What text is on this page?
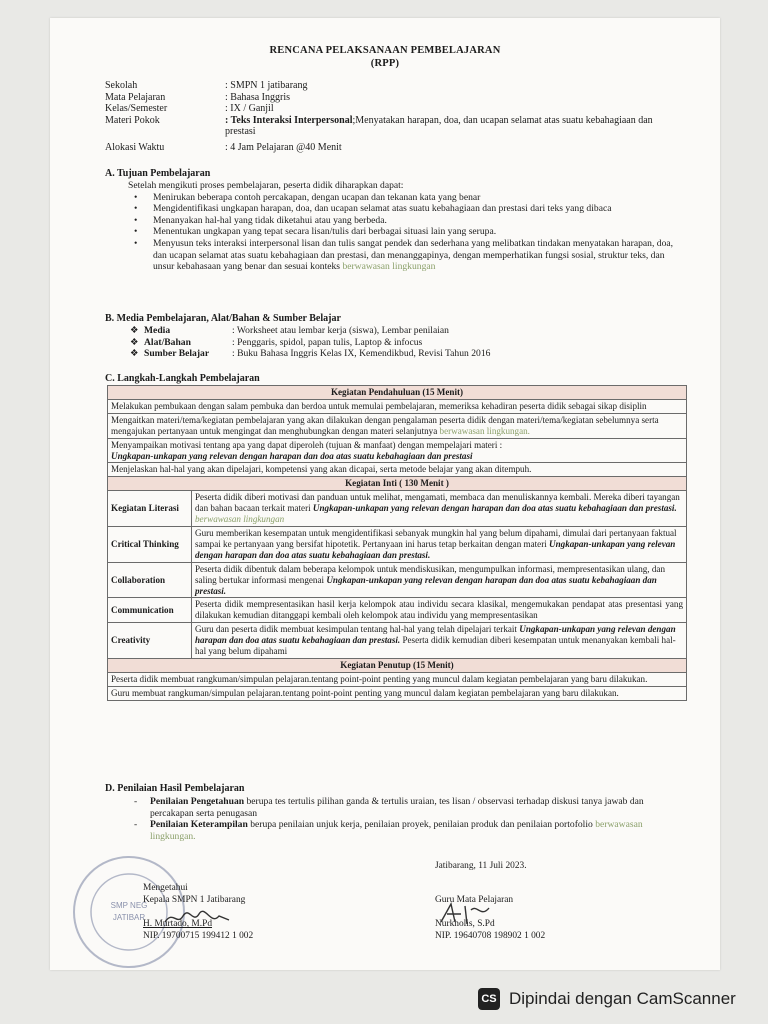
RENCANA PELAKSANAAN PEMBELAJARAN
(RPP)
Sekolah	: SMPN 1 jatibarang
Mata Pelajaran	: Bahasa Inggris
Kelas/Semester	: IX / Ganjil
Materi Pokok	: Teks Interaksi Interpersonal;Menyatakan harapan, doa, dan ucapan selamat atas suatu kebahagiaan dan prestasi
Alokasi Waktu	: 4 Jam Pelajaran @40 Menit
A. Tujuan Pembelajaran
Setelah mengikuti proses pembelajaran, peserta didik diharapkan dapat:
• Menirukan beberapa contoh percakapan, dengan ucapan dan tekanan kata yang benar
• Mengidentifikasi ungkapan harapan, doa, dan ucapan selamat atas suatu kebahagiaan dan prestasi dari teks yang dibaca
• Menanyakan hal-hal yang tidak diketahui atau yang berbeda.
• Menentukan ungkapan yang tepat secara lisan/tulis dari berbagai situasi lain yang serupa.
• Menyusun teks interaksi interpersonal lisan dan tulis sangat pendek dan sederhana yang melibatkan tindakan menyatakan harapan, doa, dan ucapan selamat atas suatu kebahagiaan dan prestasi, dan menanggapinya, dengan memperhatikan fungsi sosial, struktur teks, dan unsur kebahasaan yang benar dan sesuai konteks berwawasan lingkungan
B. Media Pembelajaran, Alat/Bahan & Sumber Belajar
❖ Media	: Worksheet atau lembar kerja (siswa), Lembar penilaian
❖ Alat/Bahan	: Penggaris, spidol, papan tulis, Laptop & infocus
❖ Sumber Belajar	: Buku Bahasa Inggris Kelas IX, Kemendikbud, Revisi Tahun 2016
C. Langkah-Langkah Pembelajaran
Kegiatan Pendahuluan (15 Menit)	
Melakukan pembukaan dengan salam pembuka dan berdoa untuk memulai pembelajaran, memeriksa kehadiran peserta didik sebagai sikap disiplin	
Mengaitkan materi/tema/kegiatan pembelajaran yang akan dilakukan dengan pengalaman peserta didik dengan materi/tema/kegiatan sebelumnya serta mengajukan pertanyaan untuk mengingat dan menghubungkan dengan materi selanjutnya berwawasan lingkungan.	
Menyampaikan motivasi tentang apa yang dapat diperoleh (tujuan & manfaat) dengan mempelajari materi :
Ungkapan-unkapan yang relevan dengan harapan dan doa atas suatu kebahagiaan dan prestasi	
Menjelaskan hal-hal yang akan dipelajari, kompetensi yang akan dicapai, serta metode belajar yang akan ditempuh.	
Kegiatan Inti ( 130 Menit )	
Kegiatan Literasi	Peserta didik diberi motivasi dan panduan untuk melihat, mengamati, membaca dan menuliskannya kembali. Mereka diberi tayangan dan bahan bacaan terkait materi Ungkapan-unkapan yang relevan dengan harapan dan doa atas suatu kebahagiaan dan prestasi. berwawasan lingkungan
Critical Thinking	Guru memberikan kesempatan untuk mengidentifikasi sebanyak mungkin hal yang belum dipahami, dimulai dari pertanyaan faktual sampai ke pertanyaan yang bersifat hipotetik. Pertanyaan ini harus tetap berkaitan dengan materi Ungkapan-unkapan yang relevan dengan harapan dan doa atas suatu kebahagiaan dan prestasi.
Collaboration	Peserta didik dibentuk dalam beberapa kelompok untuk mendiskusikan, mengumpulkan informasi, mempresentasikan ulang, dan saling bertukar informasi mengenai Ungkapan-unkapan yang relevan dengan harapan dan doa atas suatu kebahagiaan dan prestasi.
Communication	Peserta didik mempresentasikan hasil kerja kelompok atau individu secara klasikal, mengemukakan pendapat atas presentasi yang dilakukan kemudian ditanggapi kembali oleh kelompok atau individu yang mempresentasikan
Creativity	Guru dan peserta didik membuat kesimpulan tentang hal-hal yang telah dipelajari terkait Ungkapan-unkapan yang relevan dengan harapan dan doa atas suatu kebahagiaan dan prestasi. Peserta didik kemudian diberi kesempatan untuk menanyakan kembali hal-hal yang belum dipahami
Kegiatan Penutup (15 Menit)	
Peserta didik membuat rangkuman/simpulan pelajaran.tentang point-point penting yang muncul dalam kegiatan pembelajaran yang baru dilakukan.	
Guru membuat rangkuman/simpulan pelajaran.tentang point-point penting yang muncul dalam kegiatan pembelajaran yang baru dilakukan.	
D. Penilaian Hasil Pembelajaran
- Penilaian Pengetahuan berupa tes tertulis pilihan ganda & tertulis uraian, tes lisan / observasi terhadap diskusi tanya jawab dan percakapan serta penugasan
- Penilaian Keterampilan berupa penilaian unjuk kerja, penilaian proyek, penilaian produk dan penilaian portofolio berwawasan lingkungan.
Jatibarang, 11 Juli 2023.
SMP NEG
JATIBAR
Mengetahui
Kepala SMPN 1 Jatibarang
H. Murtado, M.Pd
NIP. 19700715 199412 1 002
Guru Mata Pelajaran
Nurkholis, S.Pd
NIP. 19640708 198902 1 002
CS Dipindai dengan CamScanner
